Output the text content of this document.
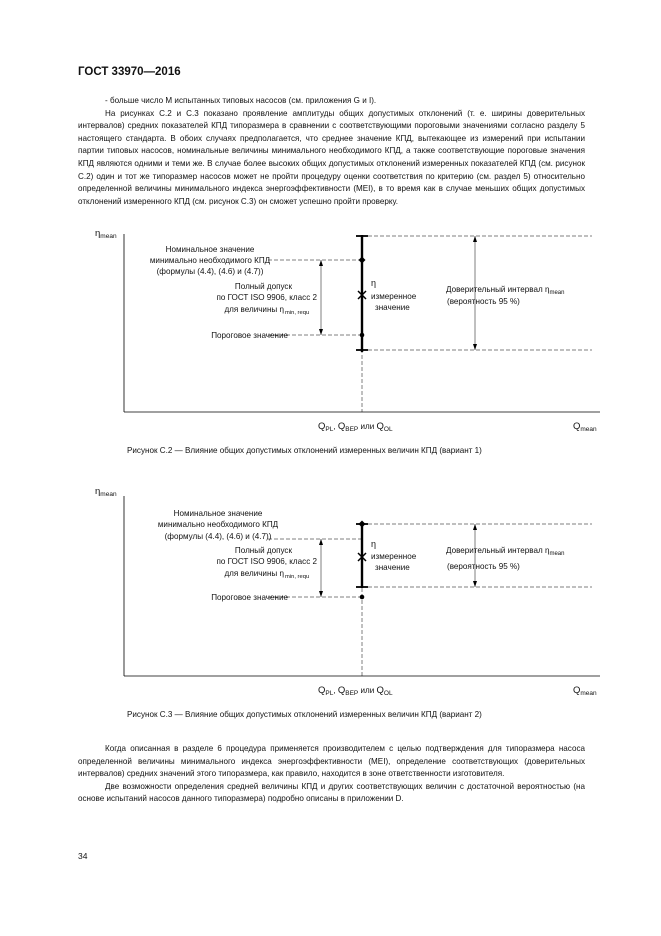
ГОСТ 33970—2016

- больше число M испытанных типовых насосов (см. приложения G и I).

На рисунках С.2 и С.3 показано проявление амплитуды общих допустимых отклонений (т. е. ширины доверительных интервалов) средних показателей КПД типоразмера в сравнении с соответствующими пороговыми значениями согласно разделу 5 настоящего стандарта. В обоих случаях предполагается, что среднее значение КПД, вытекающее из измерений при испытании партии типовых насосов, номинальные величины минимального необходимого КПД, а также соответствующие пороговые значения КПД являются одними и теми же. В случае более высоких общих допустимых отклонений измеренных показателей КПД (см. рисунок С.2) один и тот же типоразмер насосов может не пройти процедуру оценки соответствия по критерию (см. раздел 5) относительно определенной величины минимального индекса энергоэффективности (МЕI), в то время как в случае меньших общих допустимых отклонений измеренного КПД (см. рисунок С.3) он сможет успешно пройти проверку.

$\eta_{mean}$
$Q_{mean}$
$Q_{PL}$, $Q_{BEP}$ или $Q_{OL}$
Номинальное значение
минимально необходимого КПД
(формулы (4.4), (4.6) и (4.7))
Полный допуск
по ГОСТ ISO 9906, класс 2
для величины η min, requ
Пороговое значение
η
измеренное
значение
Доверительный интервал $\eta_{mean}$
(вероятность 95 %)
Рисунок С.2 — Влияние общих допустимых отклонений измеренных величин КПД (вариант 1)
$\eta_{mean}$
$Q_{mean}$
$Q_{PL}$, $Q_{BEP}$ или $Q_{OL}$
Номинальное значение
минимально необходимого КПД
(формулы (4.4), (4.6) и (4.7))
Полный допуск
по ГОСТ ISO 9906, класс 2
для величины η min, requ
Пороговое значение
η
измеренное
значение
Доверительный интервал $\eta_{mean}$
(вероятность 95 %)
Рисунок С.3 — Влияние общих допустимых отклонений измеренных величин КПД (вариант 2)

Когда описанная в разделе 6 процедура применяется производителем с целью подтверждения для типоразмера насоса определенной величины минимального индекса энергоэффективности (МЕI), определение соответствующих (доверительных интервалов) средних значений этого типоразмера, как правило, находится в зоне ответственности изготовителя.

Две возможности определения средней величины КПД и других соответствующих величин с достаточной вероятностью (на основе испытаний насосов данного типоразмера) подробно описаны в приложении D.

34
